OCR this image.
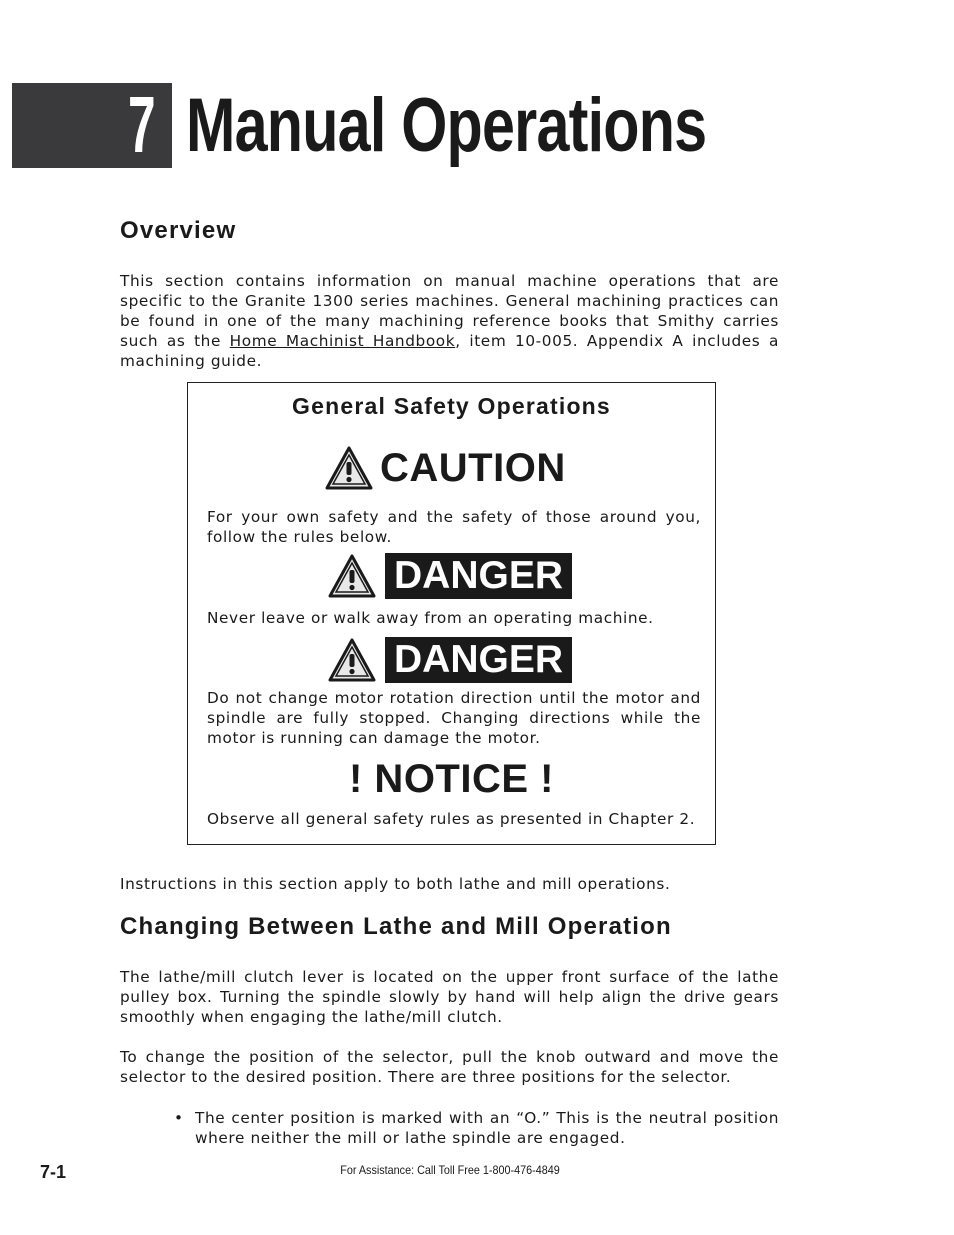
7 Manual Operations
Overview
This section contains information on manual machine operations that are specific to the Granite 1300 series machines. General machining practices can be found in one of the many machining reference books that Smithy carries such as the Home Machinist Handbook, item 10-005. Appendix A includes a machining guide.
General Safety Operations
CAUTION
For your own safety and the safety of those around you, follow the rules below.
DANGER
Never leave or walk away from an operating machine.
DANGER
Do not change motor rotation direction until the motor and spindle are fully stopped. Changing directions while the motor is running can damage the motor.
! NOTICE !
Observe all general safety rules as presented in Chapter 2.
Instructions in this section apply to both lathe and mill operations.
Changing Between Lathe and Mill Operation
The lathe/mill clutch lever is located on the upper front surface of the lathe pulley box. Turning the spindle slowly by hand will help align the drive gears smoothly when engaging the lathe/mill clutch.
To change the position of the selector, pull the knob outward and move the selector to the desired position. There are three positions for the selector.
• The center position is marked with an “O.” This is the neutral position where neither the mill or lathe spindle are engaged.
7-1	For Assistance: Call Toll Free 1-800-476-4849
